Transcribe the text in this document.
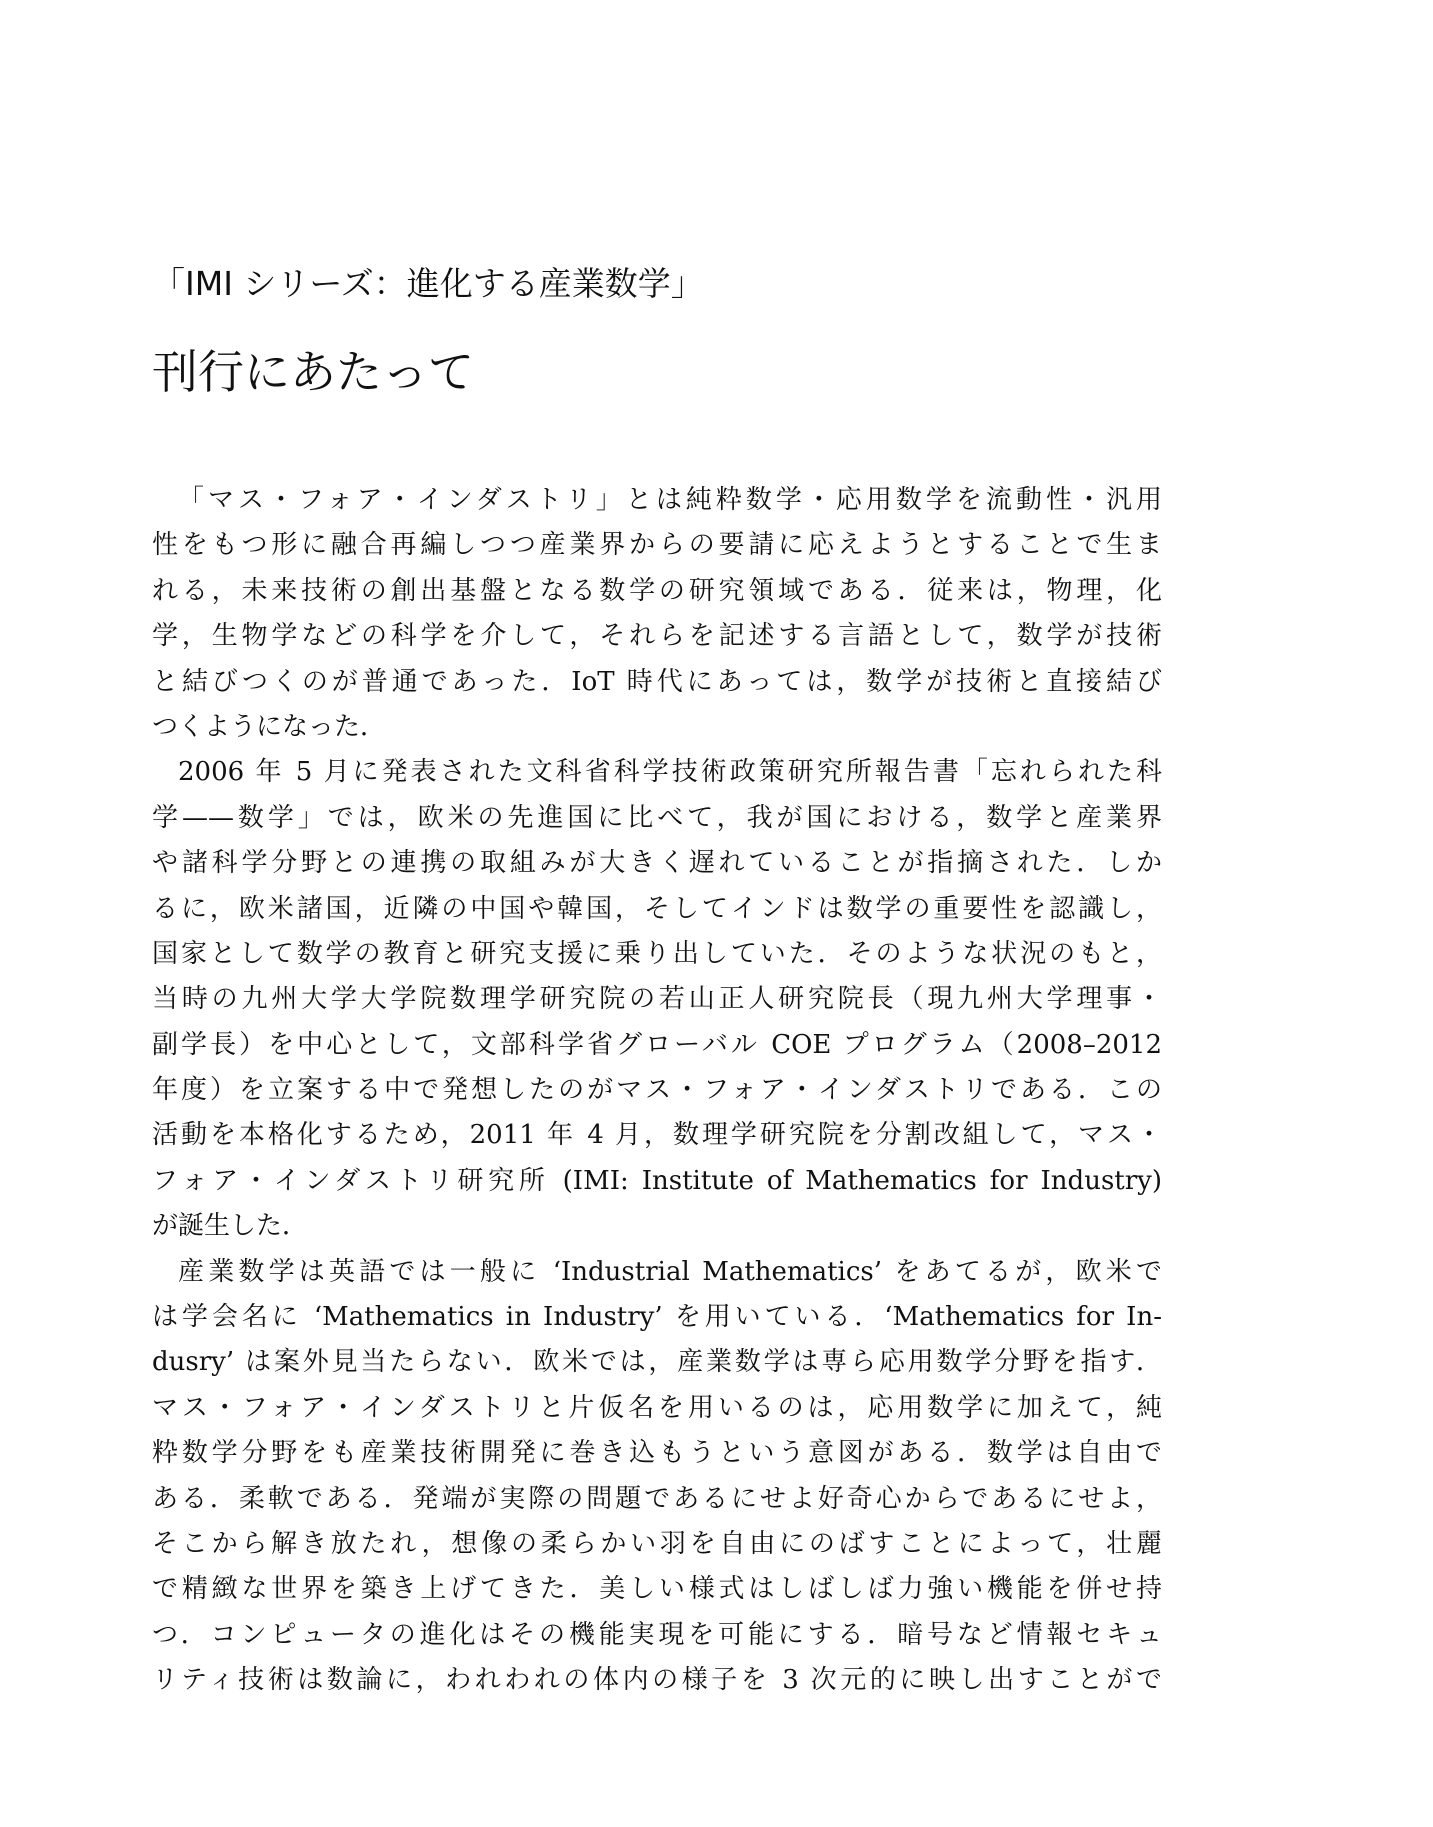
「IMI シリーズ：進化する産業数学」
刊行にあたって
「マス・フォア・インダストリ」とは純粋数学・応用数学を流動性・汎用
性をもつ形に融合再編しつつ産業界からの要請に応えようとすることで生ま
れる，未来技術の創出基盤となる数学の研究領域である．従来は，物理，化
学，生物学などの科学を介して，それらを記述する言語として，数学が技術
と結びつくのが普通であった．IoT 時代にあっては，数学が技術と直接結び
つくようになった．
2006 年 5 月に発表された文科省科学技術政策研究所報告書「忘れられた科
学——数学」では，欧米の先進国に比べて，我が国における，数学と産業界
や諸科学分野との連携の取組みが大きく遅れていることが指摘された．しか
るに，欧米諸国，近隣の中国や韓国，そしてインドは数学の重要性を認識し，
国家として数学の教育と研究支援に乗り出していた．そのような状況のもと，
当時の九州大学大学院数理学研究院の若山正人研究院長（現九州大学理事・
副学長）を中心として，文部科学省グローバル COE プログラム（2008–2012
年度）を立案する中で発想したのがマス・フォア・インダストリである．この
活動を本格化するため，2011 年 4 月，数理学研究院を分割改組して，マス・
フォア・インダストリ研究所 (IMI: Institute of Mathematics for Industry)
が誕生した．
産業数学は英語では一般に ‘Industrial Mathematics’ をあてるが，欧米で
は学会名に ‘Mathematics in Industry’ を用いている．‘Mathematics for In-
dusry’ は案外見当たらない．欧米では，産業数学は専ら応用数学分野を指す．
マス・フォア・インダストリと片仮名を用いるのは，応用数学に加えて，純
粋数学分野をも産業技術開発に巻き込もうという意図がある．数学は自由で
ある．柔軟である．発端が実際の問題であるにせよ好奇心からであるにせよ，
そこから解き放たれ，想像の柔らかい羽を自由にのばすことによって，壮麗
で精緻な世界を築き上げてきた．美しい様式はしばしば力強い機能を併せ持
つ．コンピュータの進化はその機能実現を可能にする．暗号など情報セキュ
リティ技術は数論に，われわれの体内の様子を 3 次元的に映し出すことがで
